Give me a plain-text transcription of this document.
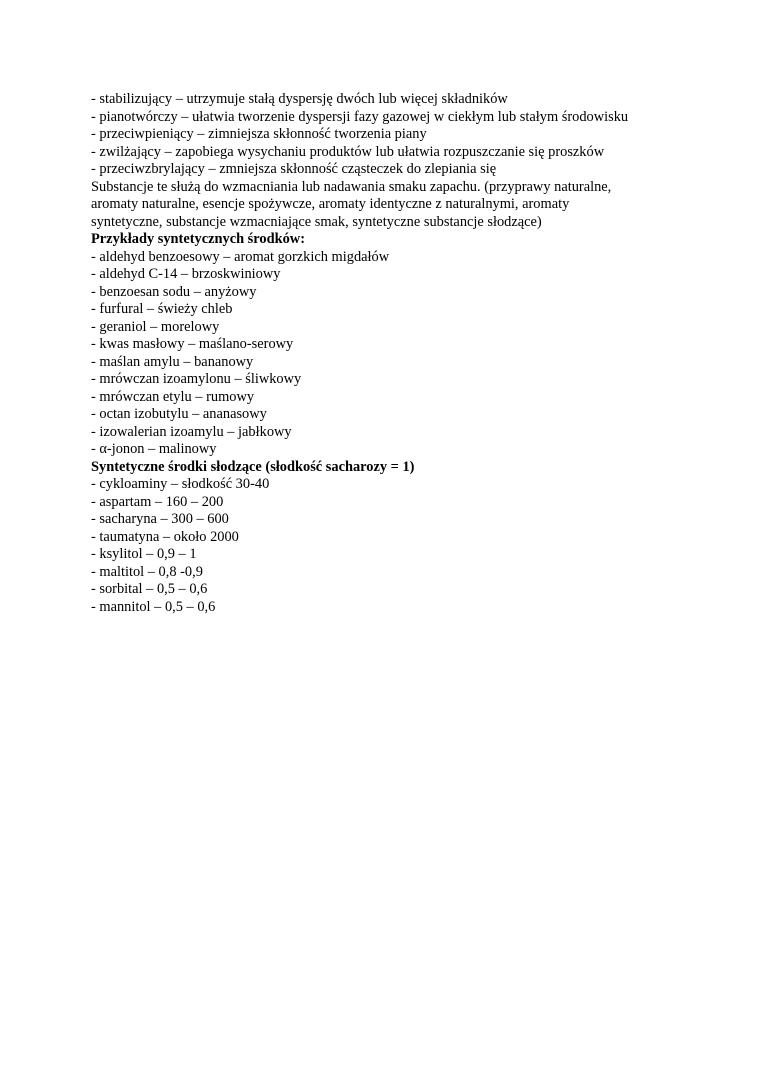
- stabilizujący – utrzymuje stałą dyspersję dwóch lub więcej składników
- pianotwórczy – ułatwia tworzenie dyspersji fazy gazowej w ciekłym lub stałym środowisku
- przeciwpieniący – zimniejsza skłonność tworzenia piany
- zwilżający – zapobiega wysychaniu produktów lub ułatwia rozpuszczanie się proszków
- przeciwzbrylający – zmniejsza skłonność cząsteczek do zlepiania się
Substancje te służą do wzmacniania lub nadawania smaku zapachu. (przyprawy naturalne,
aromaty naturalne, esencje spożywcze, aromaty identyczne z naturalnymi, aromaty
syntetyczne, substancje wzmacniające smak, syntetyczne substancje słodzące)
Przykłady syntetycznych środków:
- aldehyd benzoesowy – aromat gorzkich migdałów
- aldehyd C-14 – brzoskwiniowy
- benzoesan sodu – anyżowy
- furfural – świeży chleb
- geraniol – morelowy
- kwas masłowy – maślano-serowy
- maślan amylu – bananowy
- mrówczan izoamylonu – śliwkowy
- mrówczan etylu – rumowy
- octan izobutylu – ananasowy
- izowalerian izoamylu – jabłkowy
- α-jonon – malinowy
Syntetyczne środki słodzące (słodkość sacharozy = 1)
- cykloaminy – słodkość 30-40
- aspartam – 160 – 200
- sacharyna – 300 – 600
- taumatyna – około 2000
- ksylitol – 0,9 – 1
- maltitol – 0,8 -0,9
- sorbital – 0,5 – 0,6
- mannitol – 0,5 – 0,6
